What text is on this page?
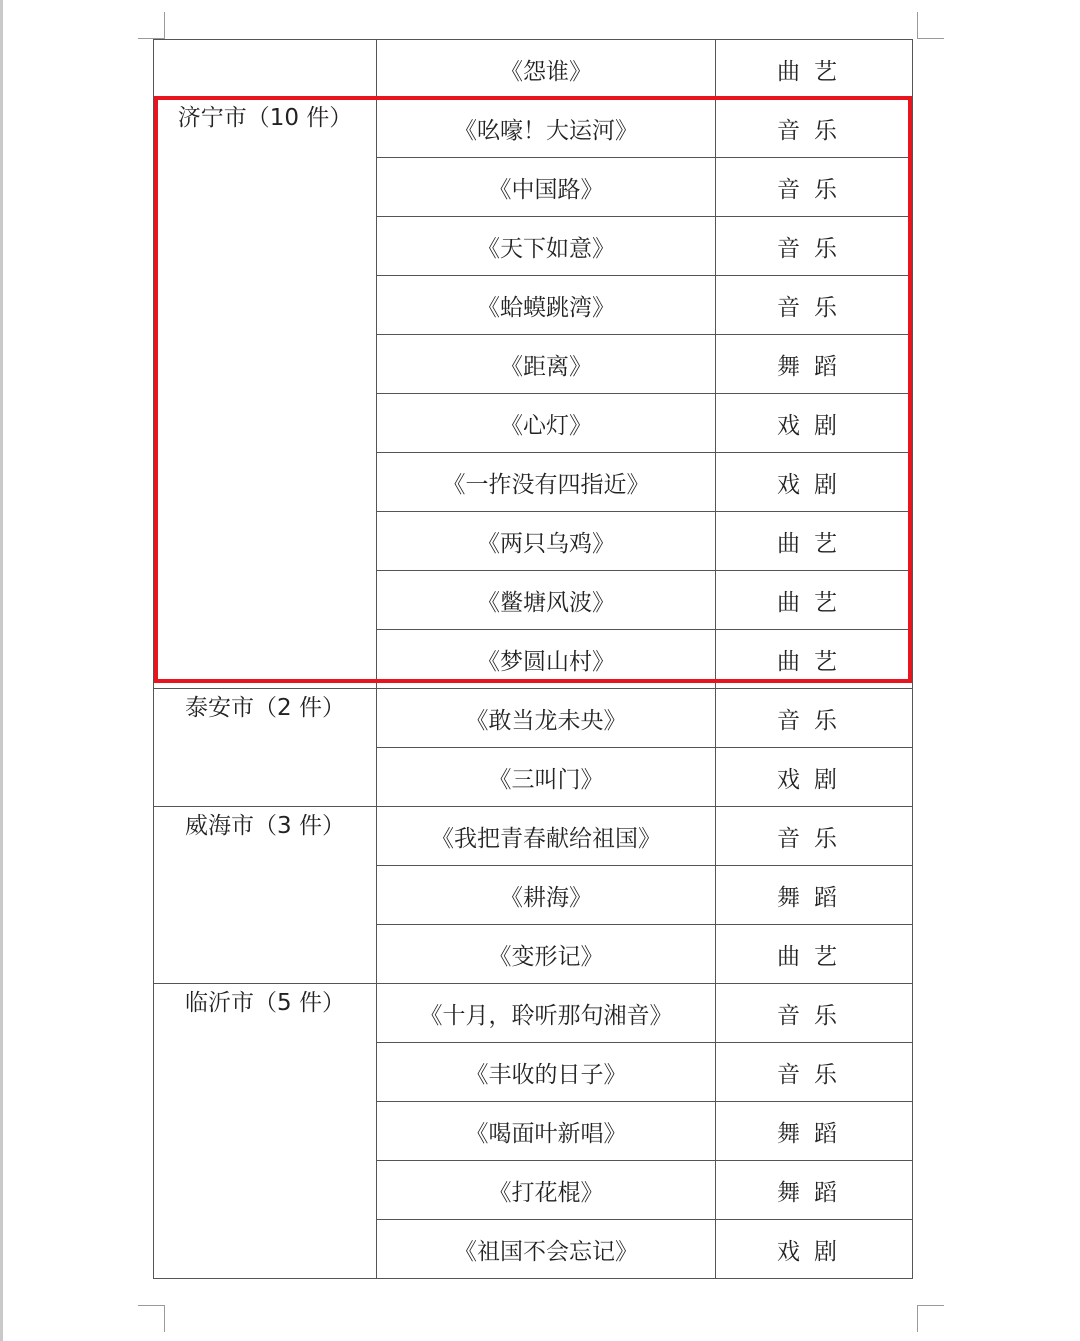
	《怨谁》	曲艺
济宁市（10 件）	《吆嚎！大运河》	音乐
	《中国路》	音乐
	《天下如意》	音乐
	《蛤蟆跳湾》	音乐
	《距离》	舞蹈
	《心灯》	戏剧
	《一拃没有四指近》	戏剧
	《两只乌鸡》	曲艺
	《鳖塘风波》	曲艺
	《梦圆山村》	曲艺
泰安市（2 件）	《敢当龙未央》	音乐
	《三叫门》	戏剧
威海市（3 件）	《我把青春献给祖国》	音乐
	《耕海》	舞蹈
	《变形记》	曲艺
临沂市（5 件）	《十月，聆听那句湘音》	音乐
	《丰收的日子》	音乐
	《喝面叶新唱》	舞蹈
	《打花棍》	舞蹈
	《祖国不会忘记》	戏剧
